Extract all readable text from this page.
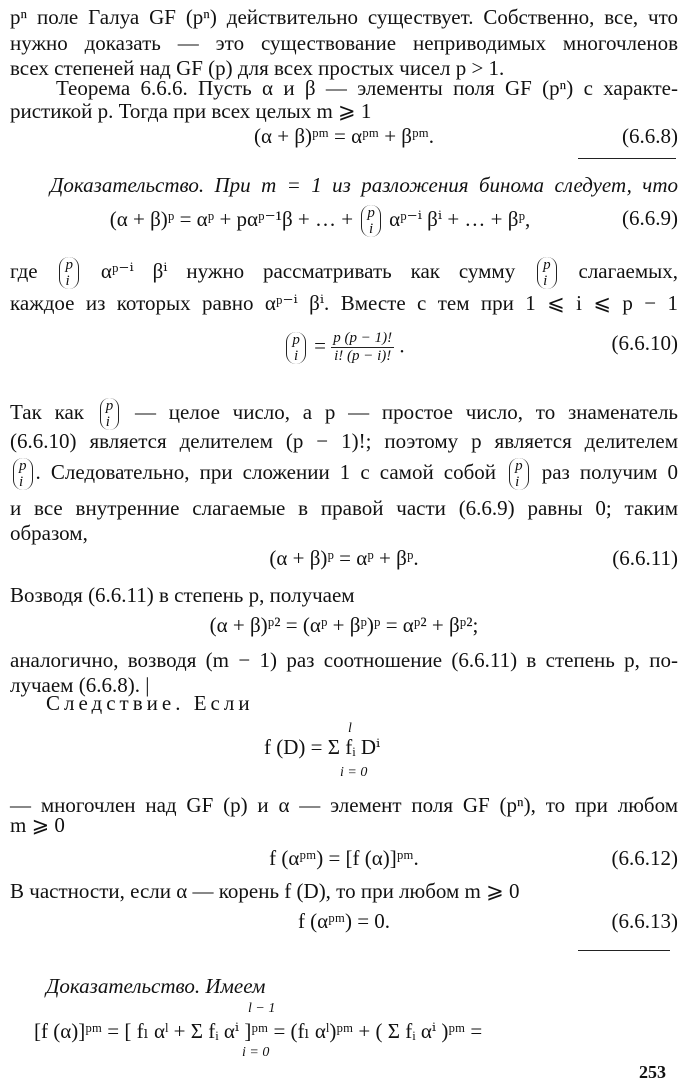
pⁿ поле Галуа GF (pⁿ) действительно существует. Собственно, все, что
нужно доказать — это существование неприводимых многочленов
всех степеней над GF (p) для всех простых чисел p > 1.
Теорема 6.6.6. Пусть α и β — элементы поля GF (pⁿ) с характе-
ристикой p. Тогда при всех целых m ⩾ 1
(α + β)ᵖᵐ = αᵖᵐ + βᵖᵐ.	(6.6.8)
Доказательство. При m = 1 из разложения бинома следует, что
(α + β)ᵖ = αᵖ + pαᵖ⁻¹β + … + p
i αᵖ⁻ⁱ βⁱ + … + βᵖ,	(6.6.9)
где p
i αᵖ⁻ⁱ βⁱ нужно рассматривать как сумму p
i слагаемых,
каждое из которых равно αᵖ⁻ⁱ βⁱ. Вместе с тем при 1 ⩽ i ⩽ p − 1
p
$i = \frac{p (p - 1)!}{i! (p - i)!}$ .	(6.6.10)
Так как p
i — целое число, а p — простое число, то знаменатель
(6.6.10) является делителем (p − 1)!; поэтому p является делителем
p
i . Следовательно, при сложении 1 с самой собой p
i раз получим 0
и все внутренние слагаемые в правой части (6.6.9) равны 0; таким
образом,
(α + β)ᵖ = αᵖ + βᵖ.	(6.6.11)
Возводя (6.6.11) в степень p, получаем
(α + β)ᵖ² = (αᵖ + βᵖ)ᵖ = αᵖ² + βᵖ²;
аналогично, возводя (m − 1) раз соотношение (6.6.11) в степень p, по-
лучаем (6.6.8). |
Следствие. Если
l
f (D) = Σ fᵢ Dⁱ
i = 0
— многочлен над GF (p) и α — элемент поля GF (pⁿ), то при любом
m ⩾ 0
f (αᵖᵐ) = [f (α)]ᵖᵐ.	(6.6.12)
В частности, если α — корень f (D), то при любом m ⩾ 0
f (αᵖᵐ) = 0.	(6.6.13)
Доказательство. Имеем
l − 1
[f (α)]ᵖᵐ = [ fₗ αˡ + Σ fᵢ αⁱ ]ᵖᵐ = (fₗ αˡ)ᵖᵐ + ( Σ fᵢ αⁱ )ᵖᵐ =
i = 0
253
